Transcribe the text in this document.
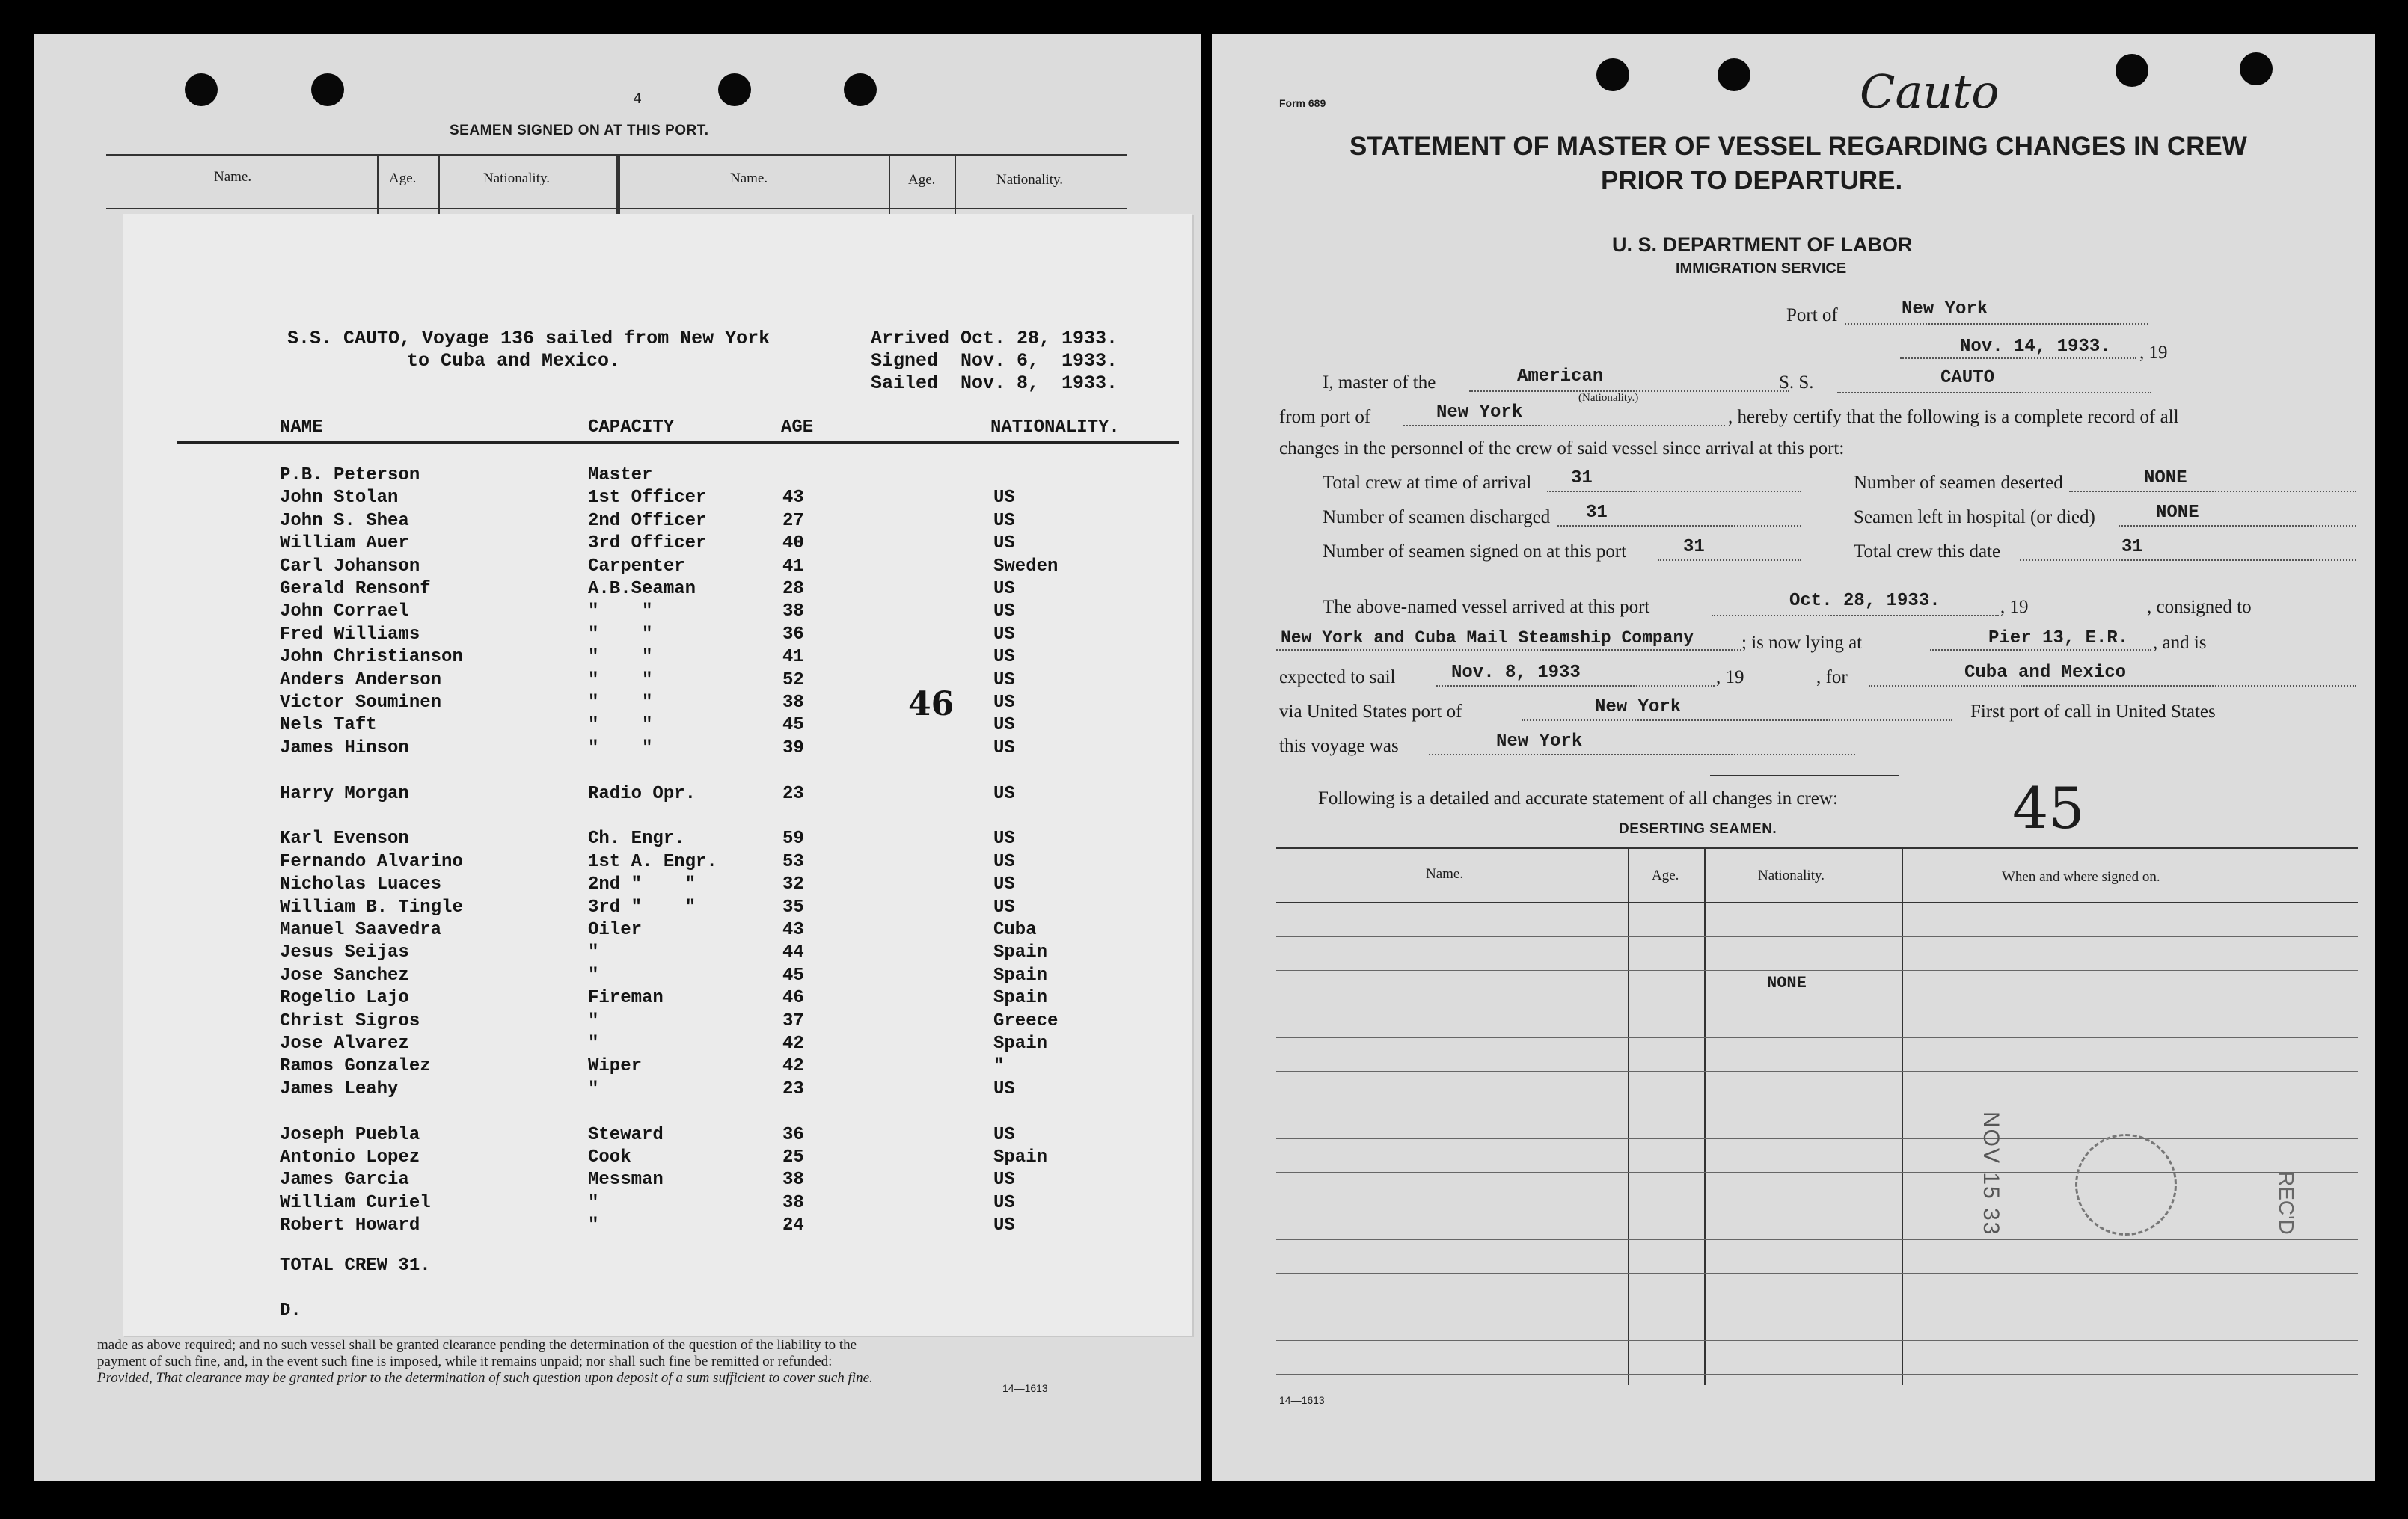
4
SEAMEN SIGNED ON AT THIS PORT.
Name.	Age.	Nationality.	Name.	Age.	Nationality.
S.S. CAUTO, Voyage 136 sailed from New York
to Cuba and Mexico.
Arrived Oct. 28, 1933.
Signed  Nov. 6,  1933.
Sailed  Nov. 8,  1933.
NAME	CAPACITY	AGE	NATIONALITY.
46
P.B. Peterson	Master
John Stolan	1st Officer	43	US
John S. Shea	2nd Officer	27	US
William Auer	3rd Officer	40	US
Carl Johanson	Carpenter	41	Sweden
Gerald Rensonf	A.B.Seaman	28	US
John Corrael	"    "	38	US
Fred Williams	"    "	36	US
John Christianson	"    "	41	US
Anders Anderson	"    "	52	US
Victor Souminen	"    "	38	US
Nels Taft	"    "	45	US
James Hinson	"    "	39	US
Harry Morgan	Radio Opr.	23	US
Karl Evenson	Ch. Engr.	59	US
Fernando Alvarino	1st A. Engr.	53	US
Nicholas Luaces	2nd "    "	32	US
William B. Tingle	3rd "    "	35	US
Manuel Saavedra	Oiler	43	Cuba
Jesus Seijas	"	44	Spain
Jose Sanchez	"	45	Spain
Rogelio Lajo	Fireman	46	Spain
Christ Sigros	"	37	Greece
Jose Alvarez	"	42	Spain
Ramos Gonzalez	Wiper	42	"
James Leahy	"	23	US
Joseph Puebla	Steward	36	US
Antonio Lopez	Cook	25	Spain
James Garcia	Messman	38	US
William Curiel	"	38	US
Robert Howard	"	24	US
TOTAL CREW 31.
D.
made as above required; and no such vessel shall be granted clearance pending the determination of the question of the liability to the
payment of such fine, and, in the event such fine is imposed, while it remains unpaid; nor shall such fine be remitted or refunded:
Provided, That clearance may be granted prior to the determination of such question upon deposit of a sum sufficient to cover such fine.
14—1613
Form 689	Cauto
STATEMENT OF MASTER OF VESSEL REGARDING CHANGES IN CREW
PRIOR TO DEPARTURE.
U. S. DEPARTMENT OF LABOR
IMMIGRATION SERVICE
Port of	New York
Nov. 14, 1933. , 19
I, master of the	American
(Nationality.)
S. S.	CAUTO
from port of	New York	, hereby certify that the following is a complete record of all
changes in the personnel of the crew of said vessel since arrival at this port:
Total crew at time of arrival 31	Number of seamen deserted	NONE
Number of seamen discharged 31	Seamen left in hospital (or died)	NONE
Number of seamen signed on at this port	31	Total crew this date	31
The above-named vessel arrived at this port	Oct. 28, 1933.	, 19	, consigned to
New York and Cuba Mail Steamship Company	; is now lying at	Pier 13, E.R. , and is
expected to sail	Nov. 8, 1933	, 19	, for	Cuba and Mexico
via United States port of	New York	First port of call in United States
this voyage was	New York
Following is a detailed and accurate statement of all changes in crew:	45
DESERTING SEAMEN.
Name.	Age.	Nationality.	When and where signed on.
NONE
NOV 15 33	REC'D
14—1613
